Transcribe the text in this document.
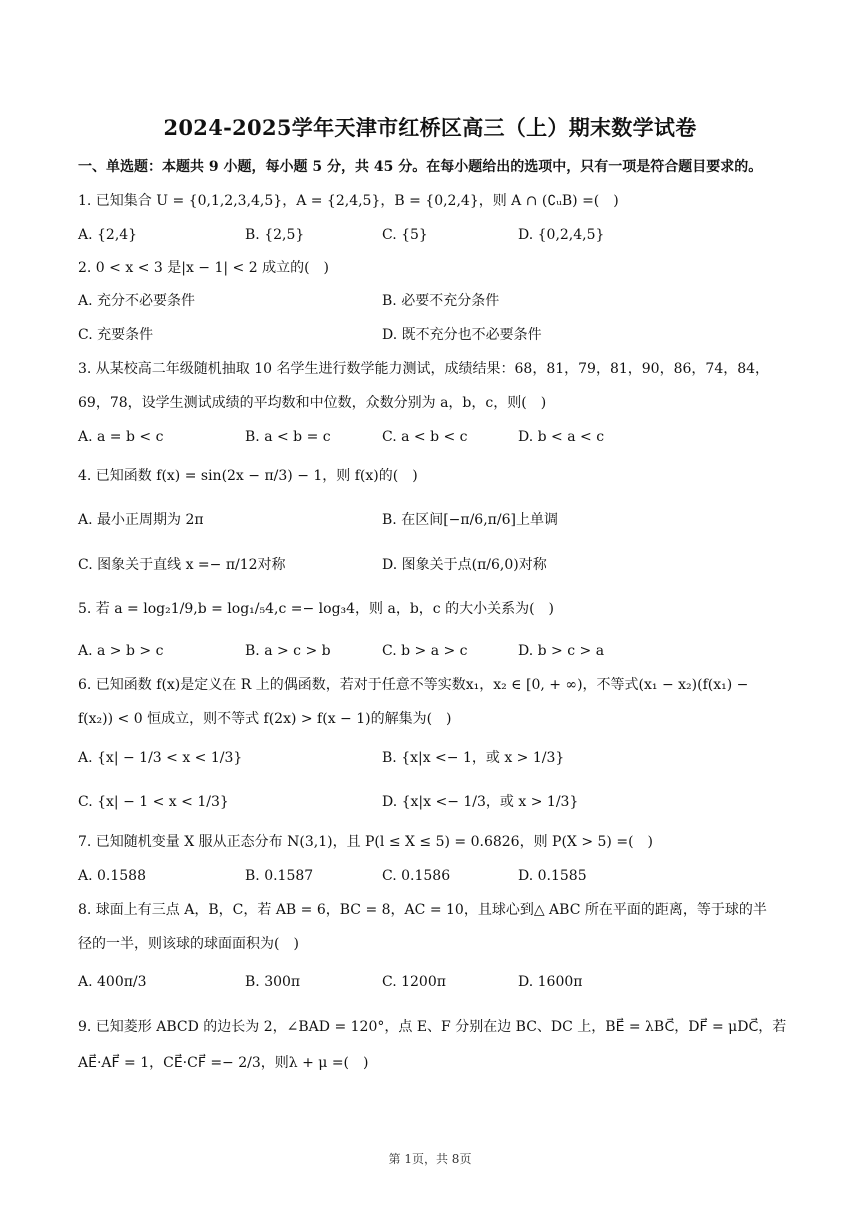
2024-2025学年天津市红桥区高三（上）期末数学试卷
一、单选题：本题共 9 小题，每小题 5 分，共 45 分。在每小题给出的选项中，只有一项是符合题目要求的。
1. 已知集合 U = {0,1,2,3,4,5}，A = {2,4,5}，B = {0,2,4}，则 A ∩ (∁ᵤB) =(　)
A. {2,4}	B. {2,5}	C. {5}	D. {0,2,4,5}
2. 0 < x < 3 是|x − 1| < 2 成立的(　)
A. 充分不必要条件	B. 必要不充分条件
C. 充要条件	D. 既不充分也不必要条件
3. 从某校高二年级随机抽取 10 名学生进行数学能力测试，成绩结果：68，81，79，81，90，86，74，84，
69，78，设学生测试成绩的平均数和中位数，众数分别为 a，b，c，则(　)
A. a = b < c	B. a < b = c	C. a < b < c	D. b < a < c
4. 已知函数 f(x) = sin(2x − π/3) − 1，则 f(x)的(　)
A. 最小正周期为 2π	B. 在区间[−π/6,π/6]上单调
C. 图象关于直线 x =− π/12对称	D. 图象关于点(π/6,0)对称
5. 若 a = log₂1/9,b = log₁/₅4,c =− log₃4，则 a，b，c 的大小关系为(　)
A. a > b > c	B. a > c > b	C. b > a > c	D. b > c > a
6. 已知函数 f(x)是定义在 R 上的偶函数，若对于任意不等实数x₁，x₂ ∈ [0, + ∞)，不等式(x₁ − x₂)(f(x₁) −
f(x₂)) < 0 恒成立，则不等式 f(2x) > f(x − 1)的解集为(　)
A. {x| − 1/3 < x < 1/3}	B. {x|x <− 1，或 x > 1/3}
C. {x| − 1 < x < 1/3}	D. {x|x <− 1/3，或 x > 1/3}
7. 已知随机变量 X 服从正态分布 N(3,1)，且 P(l ≤ X ≤ 5) = 0.6826，则 P(X > 5) =(　)
A. 0.1588	B. 0.1587	C. 0.1586	D. 0.1585
8. 球面上有三点 A，B，C，若 AB = 6，BC = 8，AC = 10，且球心到△ ABC 所在平面的距离，等于球的半
径的一半，则该球的球面面积为(　)
A. 400π/3	B. 300π	C. 1200π	D. 1600π
9. 已知菱形 ABCD 的边长为 2，∠BAD = 120°，点 E、F 分别在边 BC、DC 上，BE⃗ = λBC⃗，DF⃗ = μDC⃗，若
AE⃗·AF⃗ = 1，CE⃗·CF⃗ =− 2/3，则λ + μ =(　)
第 1页，共 8页
